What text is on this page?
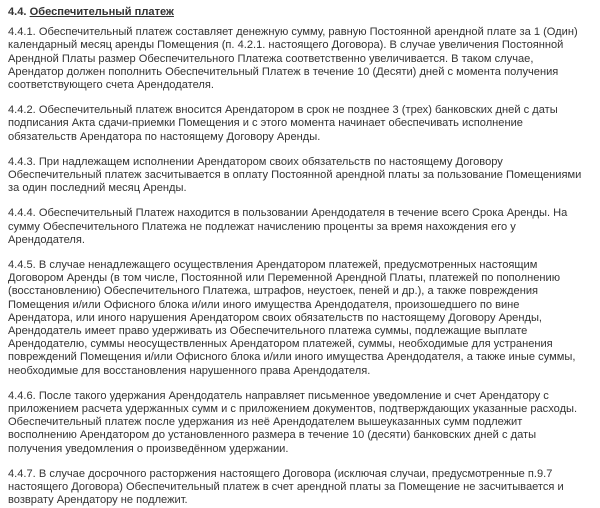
4.4. Обеспечительный платеж
4.4.1. Обеспечительный платеж составляет денежную сумму, равную Постоянной арендной плате за 1 (Один)
календарный месяц аренды Помещения (п. 4.2.1. настоящего Договора). В случае увеличения Постоянной
Арендной Платы размер Обеспечительного Платежа соответственно увеличивается. В таком случае,
Арендатор должен пополнить Обеспечительный Платеж в течение 10 (Десяти) дней с момента получения
соответствующего счета Арендодателя.
4.4.2. Обеспечительный платеж вносится Арендатором в срок не позднее 3 (трех) банковских дней с даты
подписания Акта сдачи-приемки Помещения и с этого момента начинает обеспечивать исполнение
обязательств Арендатора по настоящему Договору Аренды.
4.4.3. При надлежащем исполнении Арендатором своих обязательств по настоящему Договору
Обеспечительный платеж засчитывается в оплату Постоянной арендной платы за пользование Помещениями
за один последний месяц Аренды.
4.4.4. Обеспечительный Платеж находится в пользовании Арендодателя в течение всего Срока Аренды. На
сумму Обеспечительного Платежа не подлежат начислению проценты за время нахождения его у
Арендодателя.
4.4.5. В случае ненадлежащего осуществления Арендатором платежей, предусмотренных настоящим
Договором Аренды (в том числе, Постоянной или Переменной Арендной Платы, платежей по пополнению
(восстановлению) Обеспечительного Платежа, штрафов, неустоек, пеней и др.), а также повреждения
Помещения и/или Офисного блока и/или иного имущества Арендодателя, произошедшего по вине
Арендатора, или иного нарушения Арендатором своих обязательств по настоящему Договору Аренды,
Арендодатель имеет право удерживать из Обеспечительного платежа суммы, подлежащие выплате
Арендодателю, суммы неосуществленных Арендатором платежей, суммы, необходимые для устранения
повреждений Помещения и/или Офисного блока и/или иного имущества Арендодателя, а также иные суммы,
необходимые для восстановления нарушенного права Арендодателя.
4.4.6. После такого удержания Арендодатель направляет письменное уведомление и счет Арендатору с
приложением расчета удержанных сумм и с приложением документов, подтверждающих указанные расходы.
Обеспечительный платеж после удержания из неё Арендодателем вышеуказанных сумм подлежит
восполнению Арендатором до установленного размера в течение 10 (десяти) банковских дней с даты
получения уведомления о произведённом удержании.
4.4.7. В случае досрочного расторжения настоящего Договора (исключая случаи, предусмотренные п.9.7
настоящего Договора) Обеспечительный платеж в счет арендной платы за Помещение не засчитывается и
возврату Арендатору не подлежит.
